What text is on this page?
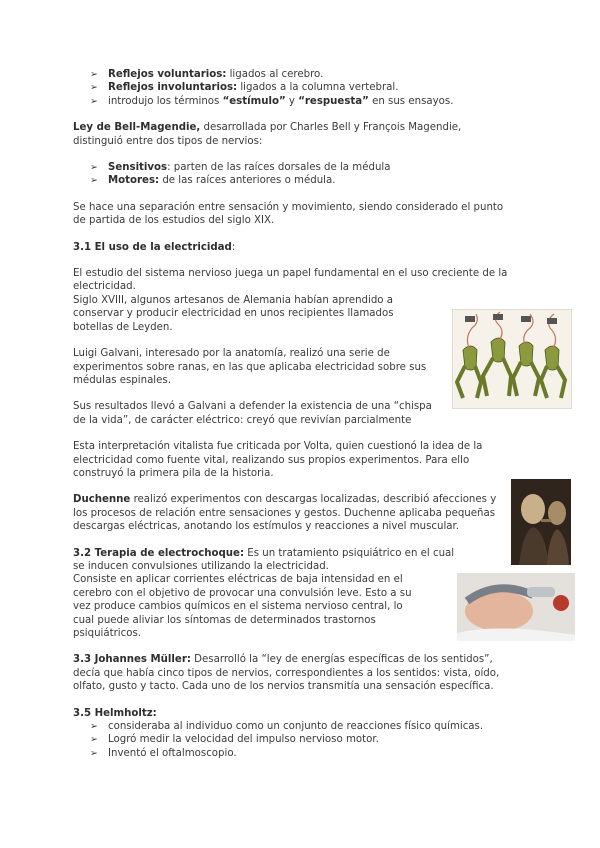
➢ Reflejos voluntarios: ligados al cerebro.
➢ Reflejos involuntarios: ligados a la columna vertebral.
➢ introdujo los términos “estímulo” y “respuesta” en sus ensayos.

Ley de Bell-Magendie, desarrollada por Charles Bell y François Magendie, distinguió entre dos tipos de nervios:

➢ Sensitivos: parten de las raíces dorsales de la médula
➢ Motores: de las raíces anteriores o médula.

Se hace una separación entre sensación y movimiento, siendo considerado el punto de partida de los estudios del siglo XIX.

3.1 El uso de la electricidad:

El estudio del sistema nervioso juega un papel fundamental en el uso creciente de la electricidad.

Siglo XVIII, algunos artesanos de Alemania habían aprendido a conservar y producir electricidad en unos recipientes llamados botellas de Leyden.

Luigi Galvani, interesado por la anatomía, realizó una serie de experimentos sobre ranas, en las que aplicaba electricidad sobre sus médulas espinales.

Sus resultados llevó a Galvani a defender la existencia de una “chispa de la vida”, de carácter eléctrico: creyó que revivían parcialmente

Esta interpretación vitalista fue criticada por Volta, quien cuestionó la idea de la electricidad como fuente vital, realizando sus propios experimentos. Para ello construyó la primera pila de la historia.

Duchenne realizó experimentos con descargas localizadas, describió afecciones y los procesos de relación entre sensaciones y gestos. Duchenne aplicaba pequeñas descargas eléctricas, anotando los estímulos y reacciones a nivel muscular.

3.2 Terapia de electrochoque: Es un tratamiento psiquiátrico en el cual se inducen convulsiones utilizando la electricidad.

Consiste en aplicar corrientes eléctricas de baja intensidad en el cerebro con el objetivo de provocar una convulsión leve. Esto a su vez produce cambios químicos en el sistema nervioso central, lo cual puede aliviar los síntomas de determinados trastornos psiquiátricos.

3.3 Johannes Müller: Desarrolló la “ley de energías específicas de los sentidos”, decía que había cinco tipos de nervios, correspondientes a los sentidos: vista, oído, olfato, gusto y tacto. Cada uno de los nervios transmitía una sensación específica.

3.5 Helmholtz:

➢ consideraba al individuo como un conjunto de reacciones físico químicas.
➢ Logró medir la velocidad del impulso nervioso motor.
➢ Inventó el oftalmoscopio.
